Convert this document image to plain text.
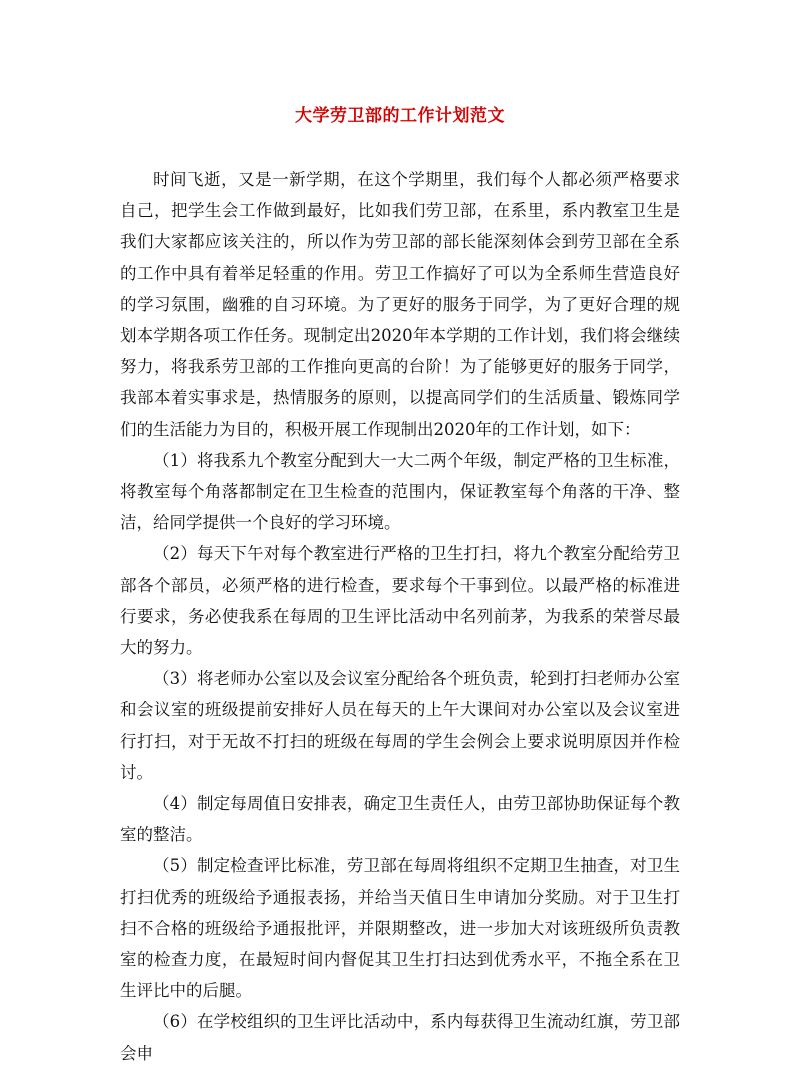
大学劳卫部的工作计划范文

时间飞逝，又是一新学期，在这个学期里，我们每个人都必须严格要求自己，把学生会工作做到最好，比如我们劳卫部，在系里，系内教室卫生是我们大家都应该关注的，所以作为劳卫部的部长能深刻体会到劳卫部在全系的工作中具有着举足轻重的作用。劳卫工作搞好了可以为全系师生营造良好的学习氛围，幽雅的自习环境。为了更好的服务于同学，为了更好合理的规划本学期各项工作任务。现制定出2020年本学期的工作计划，我们将会继续努力，将我系劳卫部的工作推向更高的台阶！为了能够更好的服务于同学，我部本着实事求是，热情服务的原则，以提高同学们的生活质量、锻炼同学们的生活能力为目的，积极开展工作现制出2020年的工作计划，如下：

（1）将我系九个教室分配到大一大二两个年级，制定严格的卫生标准，将教室每个角落都制定在卫生检查的范围内，保证教室每个角落的干净、整洁，给同学提供一个良好的学习环境。

（2）每天下午对每个教室进行严格的卫生打扫，将九个教室分配给劳卫部各个部员，必须严格的进行检查，要求每个干事到位。以最严格的标准进行要求，务必使我系在每周的卫生评比活动中名列前茅，为我系的荣誉尽最大的努力。

（3）将老师办公室以及会议室分配给各个班负责，轮到打扫老师办公室和会议室的班级提前安排好人员在每天的上午大课间对办公室以及会议室进行打扫，对于无故不打扫的班级在每周的学生会例会上要求说明原因并作检讨。

（4）制定每周值日安排表，确定卫生责任人，由劳卫部协助保证每个教室的整洁。

（5）制定检查评比标准，劳卫部在每周将组织不定期卫生抽查，对卫生打扫优秀的班级给予通报表扬，并给当天值日生申请加分奖励。对于卫生打扫不合格的班级给予通报批评，并限期整改，进一步加大对该班级所负责教室的检查力度，在最短时间内督促其卫生打扫达到优秀水平，不拖全系在卫生评比中的后腿。

（6）在学校组织的卫生评比活动中，系内每获得卫生流动红旗，劳卫部会申
